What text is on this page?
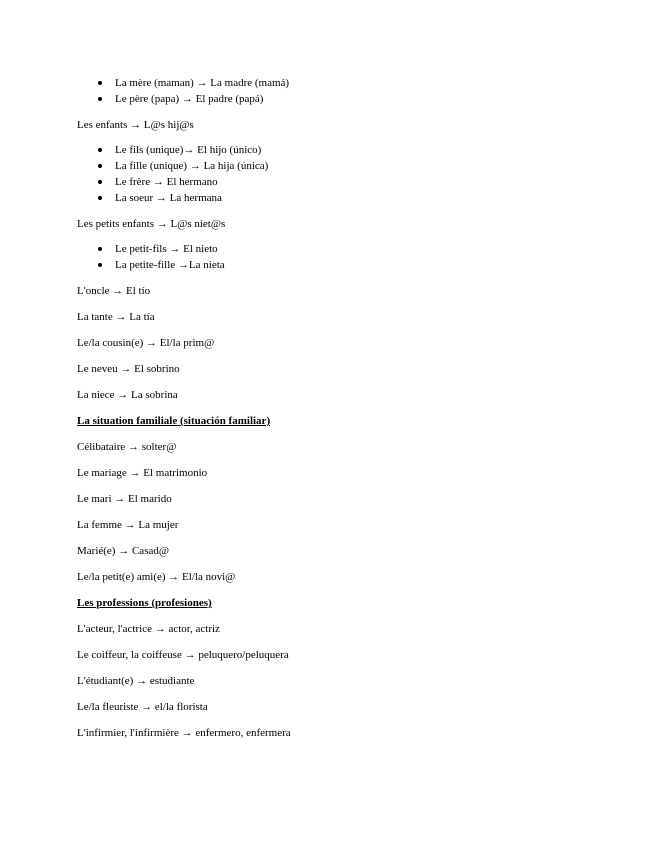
La mère (maman) → La madre (mamá)
Le père (papa) → El padre (papá)

Les enfants → L@s hij@s

Le fils (unique)→ El hijo (único)
La fille (unique) → La hija (única)
Le frère → El hermano
La soeur → La hermana

Les petits enfants → L@s niet@s

Le petit-fils → El nieto
La petite-fille →La nieta

L'oncle → El tío

La tante → La tía

Le/la cousin(e) → El/la prim@

Le neveu → El sobrino

La niece → La sobrina

La situation familiale (situación familiar)

Célibataire → solter@

Le mariage → El matrimonio

Le mari → El marido

La femme → La mujer

Marié(e) → Casad@

Le/la petit(e) ami(e) → El/la novi@

Les professions (profesiones)

L'acteur, l'actrice → actor, actriz

Le coiffeur, la coiffeuse → peluquero/peluquera

L'étudiant(e) → estudiante

Le/la fleuriste → el/la florista

L'infirmier, l'infirmière → enfermero, enfermera
